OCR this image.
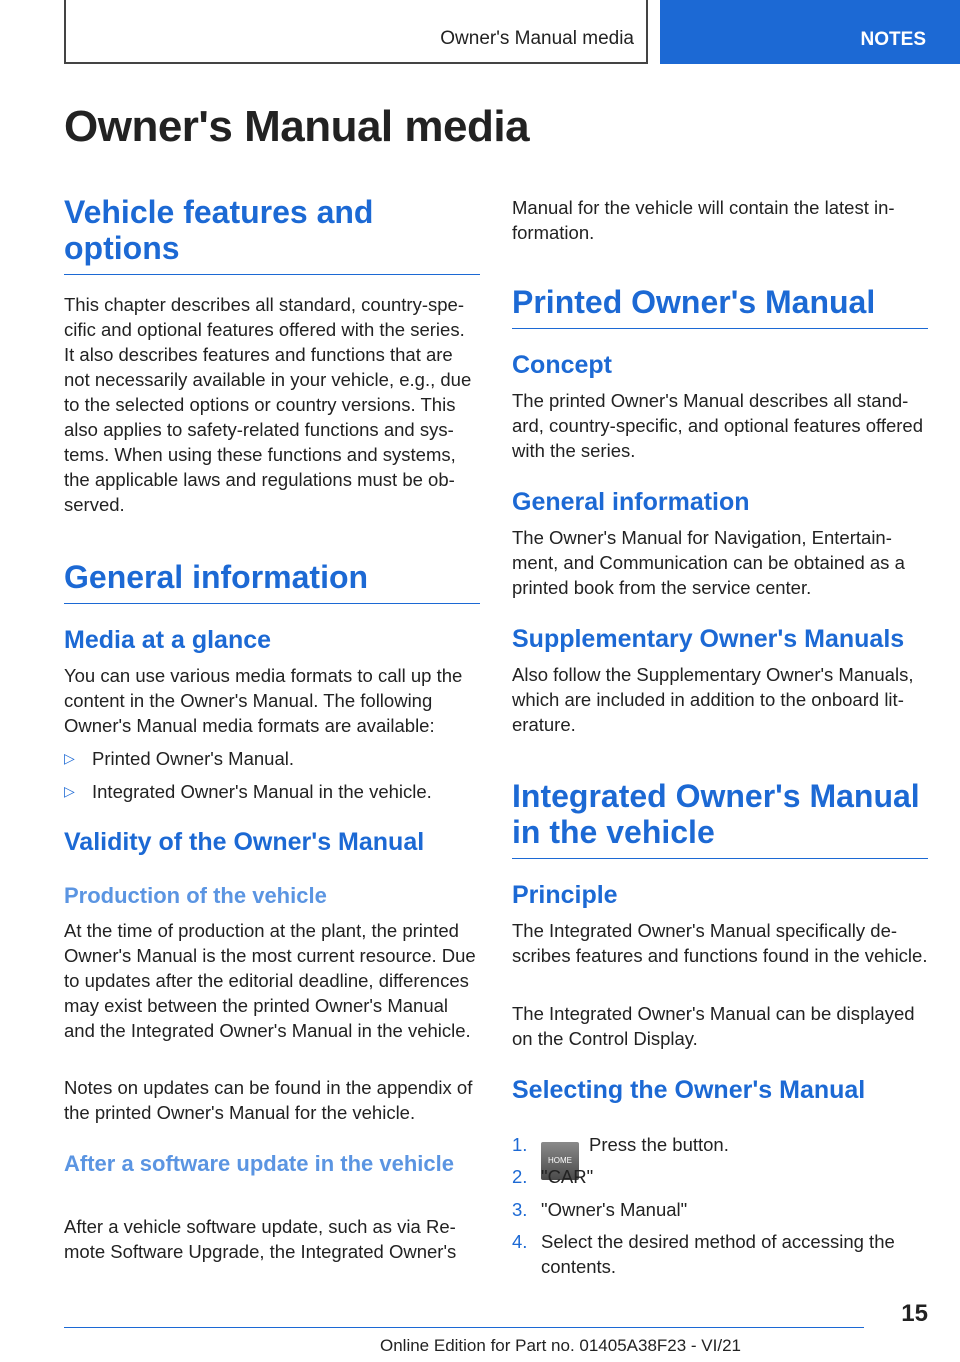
Owner's Manual media	NOTES
Owner's Manual media
Vehicle features and options

This chapter describes all standard, country-specific and optional features offered with the series. It also describes features and functions that are not necessarily available in your vehicle, e.g., due to the selected options or country versions. This also applies to safety-related functions and systems. When using these functions and systems, the applicable laws and regulations must be observed.

General information
Media at a glance

You can use various media formats to call up the content in the Owner's Manual. The following Owner's Manual media formats are available:

▷ Printed Owner's Manual.
▷ Integrated Owner's Manual in the vehicle.
Validity of the Owner's Manual
Production of the vehicle

At the time of production at the plant, the printed Owner's Manual is the most current resource. Due to updates after the editorial deadline, differences may exist between the printed Owner's Manual and the Integrated Owner's Manual in the vehicle.

Notes on updates can be found in the appendix of the printed Owner's Manual for the vehicle.

After a software update in the vehicle

After a vehicle software update, such as via Remote Software Upgrade, the Integrated Owner's

Manual for the vehicle will contain the latest information.

Printed Owner's Manual
Concept

The printed Owner's Manual describes all standard, country-specific, and optional features offered with the series.

General information

The Owner's Manual for Navigation, Entertainment, and Communication can be obtained as a printed book from the service center.

Supplementary Owner's Manuals

Also follow the Supplementary Owner's Manuals, which are included in addition to the onboard literature.

Integrated Owner's Manual in the vehicle
Principle

The Integrated Owner's Manual specifically describes features and functions found in the vehicle.

The Integrated Owner's Manual can be displayed on the Control Display.

Selecting the Owner's Manual
1.
HOMEPress the button.
2. "CAR"
3. "Owner's Manual"
4. Select the desired method of accessing the contents.
15
Online Edition for Part no. 01405A38F23 - VI/21
